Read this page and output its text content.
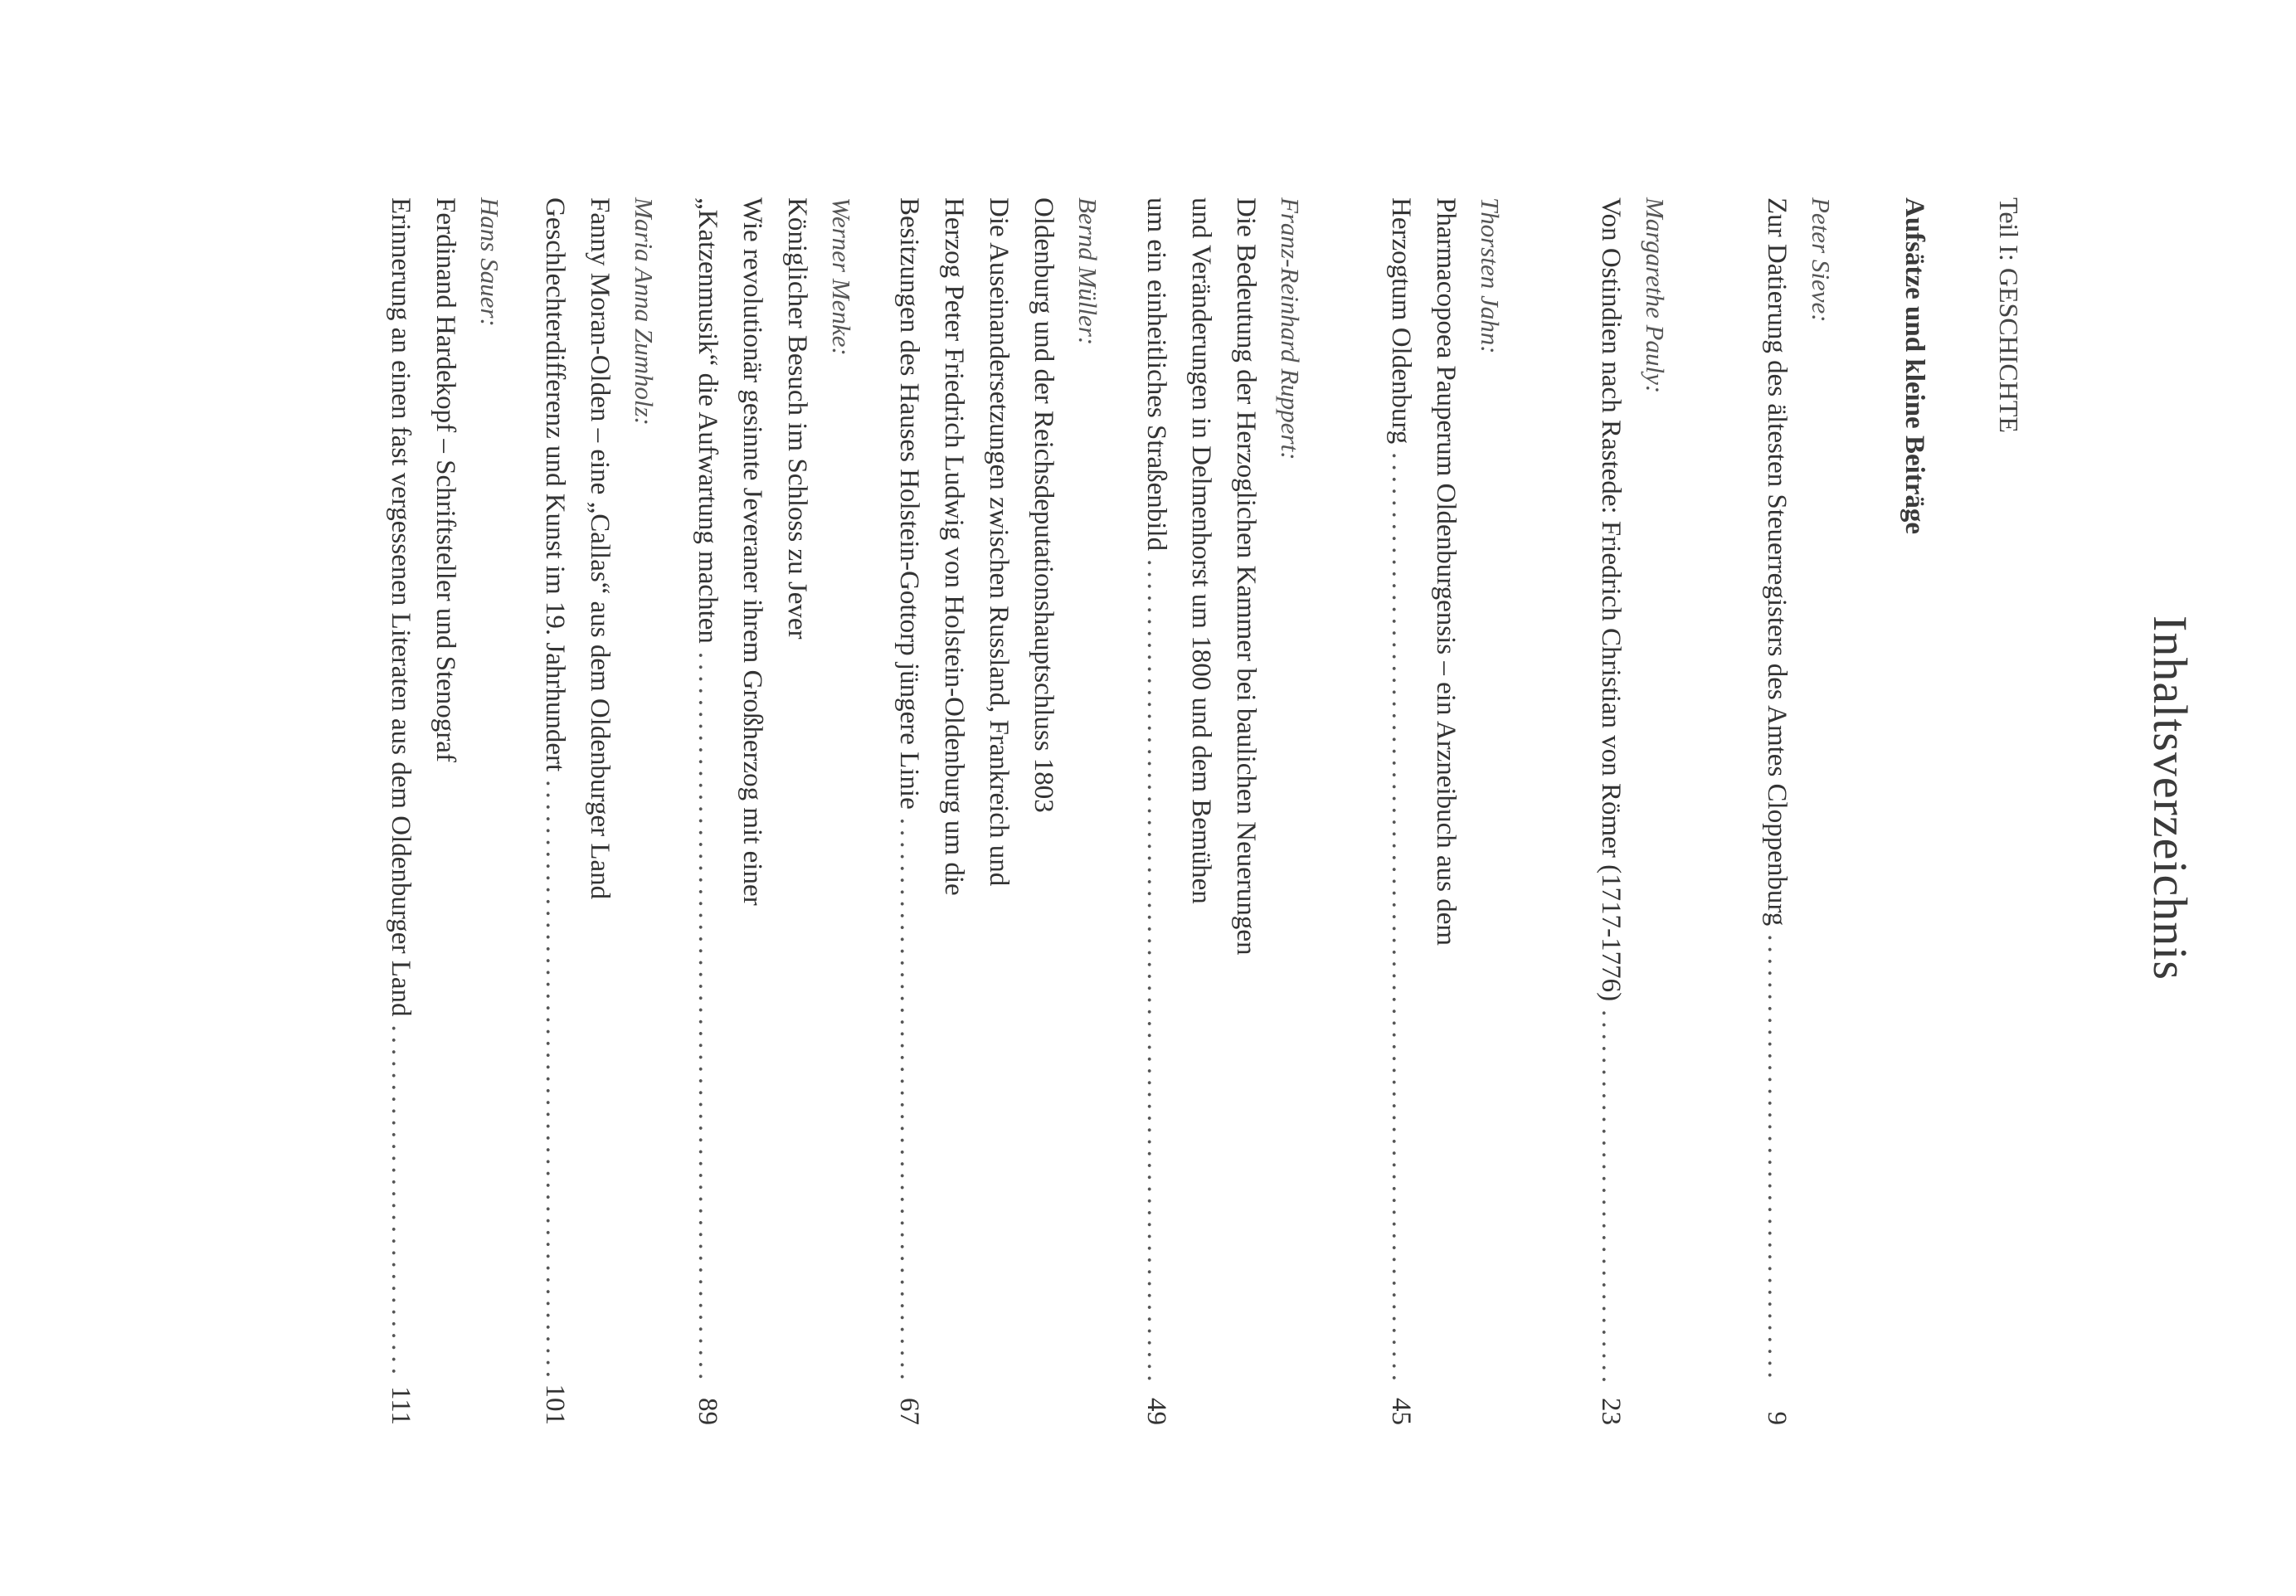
Inhaltsverzeichnis
Teil I: GESCHICHTE
Aufsätze und kleine Beiträge
Peter Sieve:
Zur Datierung des ältesten Steuerregisters des Amtes Cloppenburg
.....
9
Margarethe Pauly:
Von Ostindien nach Rastede: Friedrich Christian von Römer (1717-1776)
.....
23
Thorsten Jahn:
Pharmacopoea Pauperum Oldenburgensis – ein Arzneibuch aus dem
Herzogtum Oldenburg
.....
45
Franz-Reinhard Ruppert:
Die Bedeutung der Herzoglichen Kammer bei baulichen Neuerungen
und Veränderungen in Delmenhorst um 1800 und dem Bemühen
um ein einheitliches Straßenbild
.....
49
Bernd Müller:
Oldenburg und der Reichsdeputationshauptschluss 1803
Die Auseinandersetzungen zwischen Russland, Frankreich und
Herzog Peter Friedrich Ludwig von Holstein-Oldenburg um die
Besitzungen des Hauses Holstein-Gottorp jüngere Linie
.....
67
Werner Menke:
Königlicher Besuch im Schloss zu Jever
Wie revolutionär gesinnte Jeveraner ihrem Großherzog mit einer
„Katzenmusik“ die Aufwartung machten
.....
89
Maria Anna Zumholz:
Fanny Moran-Olden – eine „Callas“ aus dem Oldenburger Land
Geschlechterdifferenz und Kunst im 19. Jahrhundert
.....
101
Hans Sauer:
Ferdinand Hardekopf – Schriftsteller und Stenograf
Erinnerung an einen fast vergessenen Literaten aus dem Oldenburger Land
.....
111
